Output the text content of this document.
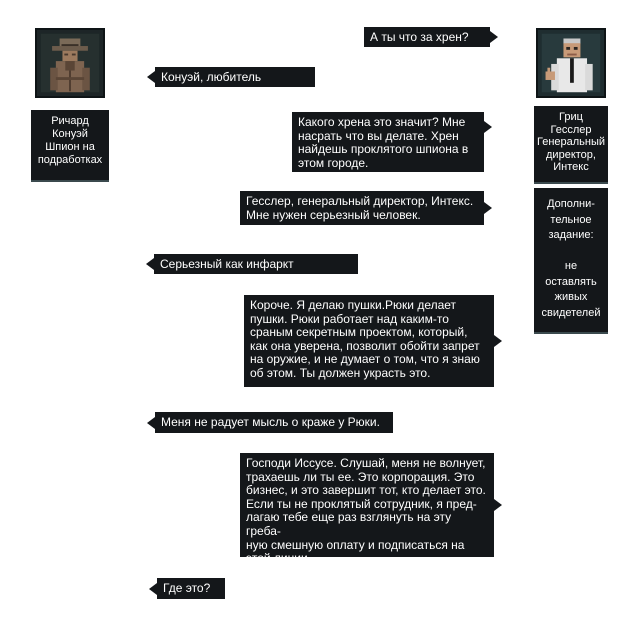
Ричард
Конуэй
Шпион на
подработках
Гриц
Гесслер
Генеральный
директор,
Интекс
Дополни-
тельное
задание:
не
оставлять
живых
свидетелей
А ты что за хрен?
Конуэй, любитель шляпок.
Какого хрена это значит? Мне
насрать что вы делате. Хрен
найдешь проклятого шпиона в
этом городе.
Гесслер, генеральный директор, Интекс.
Мне нужен серьезный человек.
Серьезный как инфаркт миокарда.
Короче. Я делаю пушки.Рюки делает
пушки. Рюки работает над каким-то
сраным секретным проектом, который,
как она уверена, позволит обойти запрет
на оружие, и не думает о том, что я знаю
об этом. Ты должен украсть это.
Меня не радует мысль о краже у Рюки.
Господи Иссусе. Слушай, меня не волнует,
трахаешь ли ты ее. Это корпорация. Это
бизнес, и это завершит тот, кто делает это.
Если ты не проклятый сотрудник, я пред-
лагаю тебе еще раз взглянуть на эту греба-
ную смешную оплату и подписаться на
этой линии.
Где это?
